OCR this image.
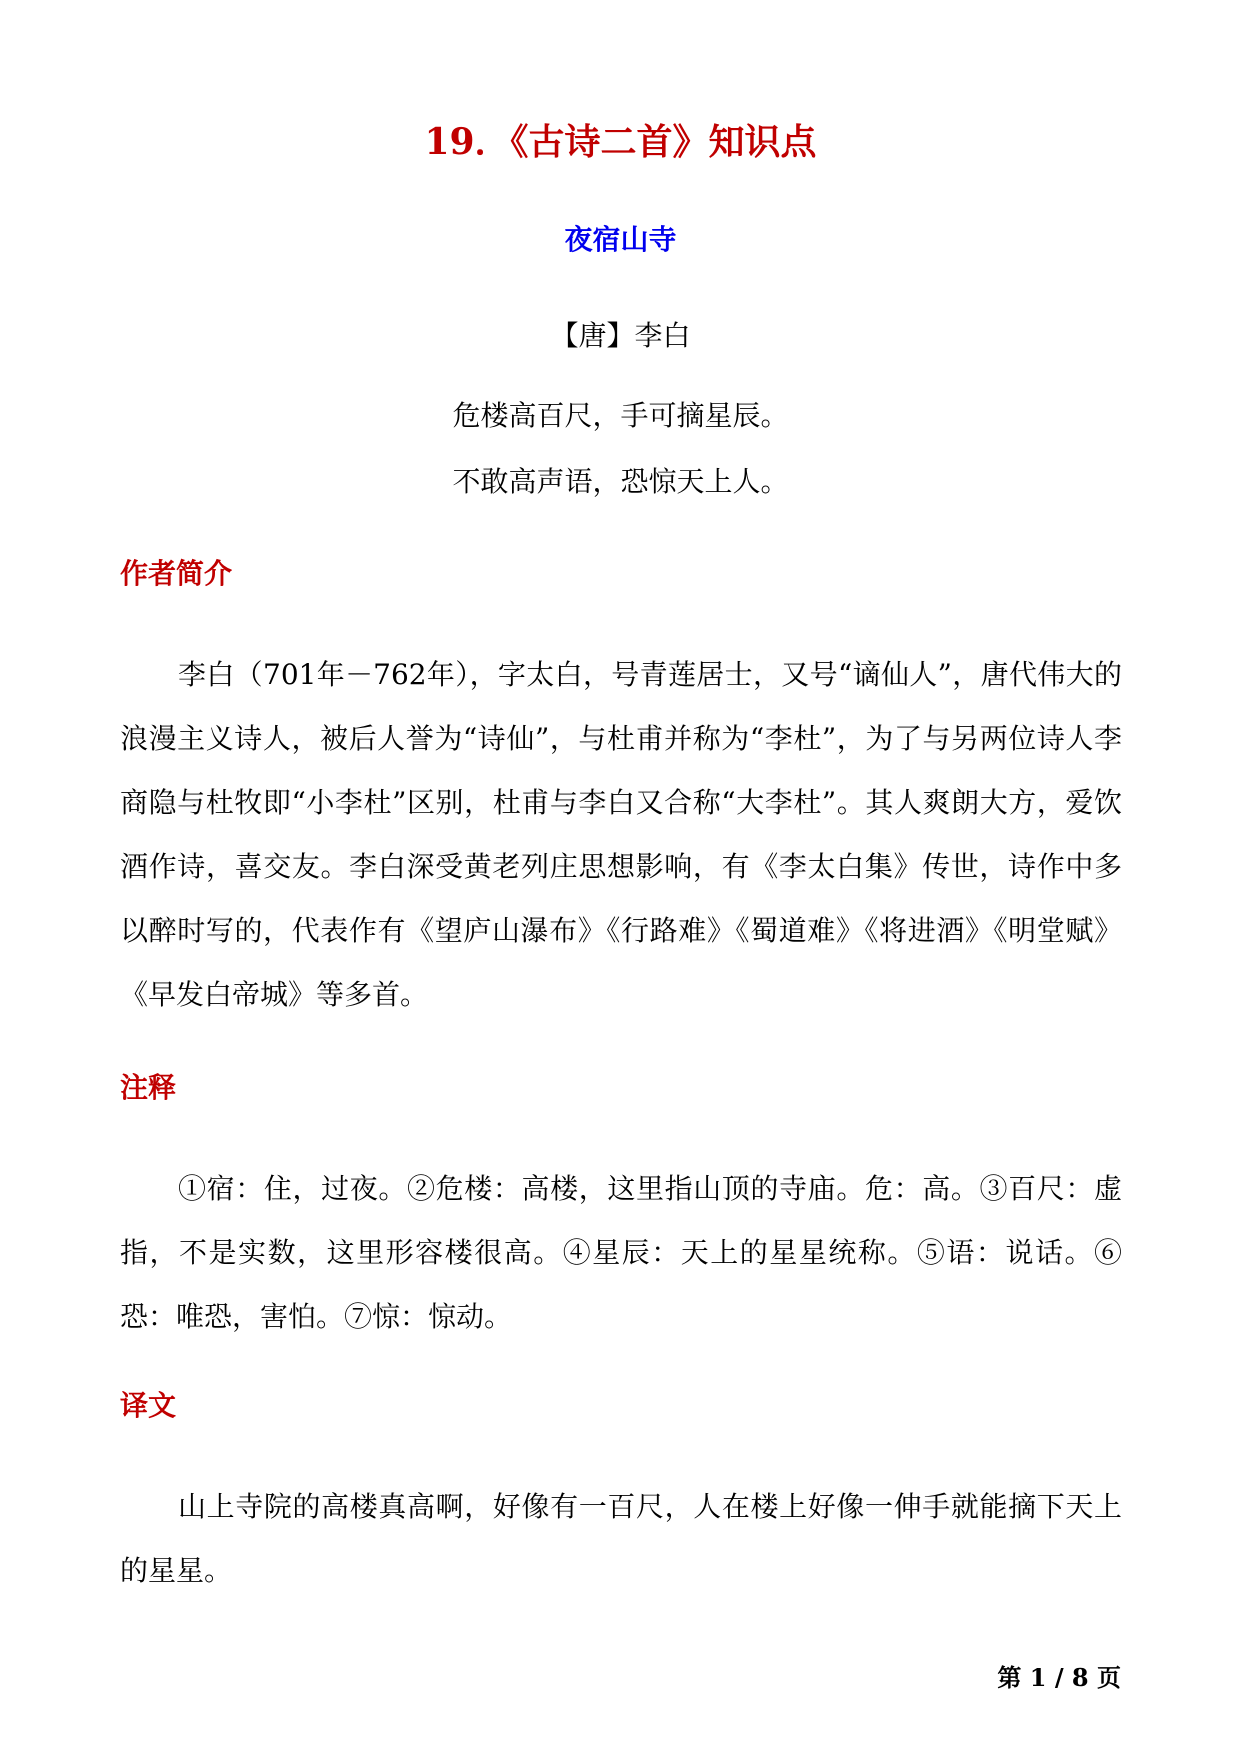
19．《古诗二首》知识点
夜宿山寺
【唐】李白
危楼高百尺，手可摘星辰。
不敢高声语，恐惊天上人。
作者简介
李白（701年－762年），字太白，号青莲居士，又号“谪仙人”，唐代伟大的浪漫主义诗人，被后人誉为“诗仙”，与杜甫并称为“李杜”，为了与另两位诗人李商隐与杜牧即“小李杜”区别，杜甫与李白又合称“大李杜”。其人爽朗大方，爱饮酒作诗，喜交友。李白深受黄老列庄思想影响，有《李太白集》传世，诗作中多以醉时写的，代表作有《望庐山瀑布》《行路难》《蜀道难》《将进酒》《明堂赋》《早发白帝城》等多首。
注释
①宿：住，过夜。②危楼：高楼，这里指山顶的寺庙。危：高。③百尺：虚指，不是实数，这里形容楼很高。④星辰：天上的星星统称。⑤语：说话。⑥恐：唯恐，害怕。⑦惊：惊动。
译文
山上寺院的高楼真高啊，好像有一百尺，人在楼上好像一伸手就能摘下天上的星星。
第 1 / 8 页
